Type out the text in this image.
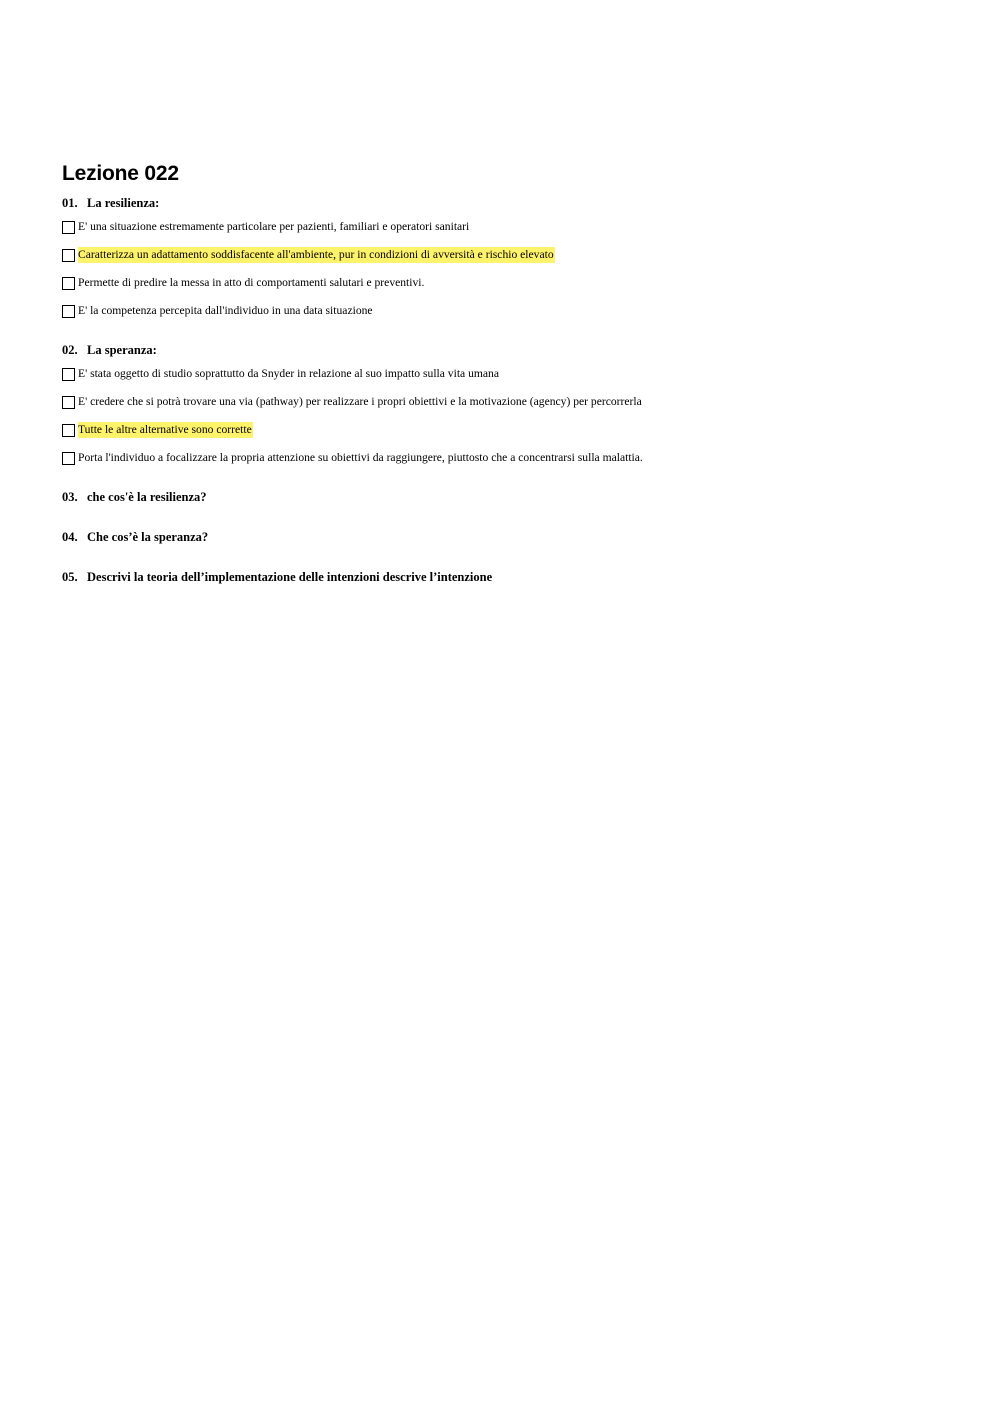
Lezione 022

01. La resilienza:

E' una situazione estremamente particolare per pazienti, familiari e operatori sanitari
Caratterizza un adattamento soddisfacente all'ambiente, pur in condizioni di avversità e rischio elevato
Permette di predire la messa in atto di comportamenti salutari e preventivi.
E' la competenza percepita dall'individuo in una data situazione

02. La speranza:

E' stata oggetto di studio soprattutto da Snyder in relazione al suo impatto sulla vita umana
E' credere che si potrà trovare una via (pathway) per realizzare i propri obiettivi e la motivazione (agency) per percorrerla
Tutte le altre alternative sono corrette
Porta l'individuo a focalizzare la propria attenzione su obiettivi da raggiungere, piuttosto che a concentrarsi sulla malattia.

03. che cos'è la resilienza?

04. Che cos’è la speranza?

05. Descrivi la teoria dell’implementazione delle intenzioni descrive l’intenzione
